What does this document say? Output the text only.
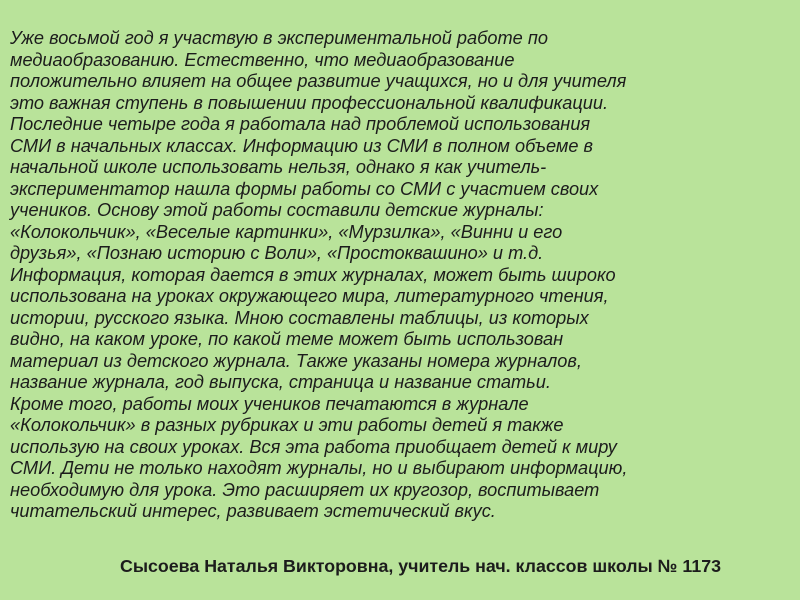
Уже восьмой год я участвую в экспериментальной работе по
медиаобразованию. Естественно, что медиаобразование
положительно влияет на общее развитие учащихся, но и для учителя
это важная ступень в повышении профессиональной квалификации.
Последние четыре года я работала над проблемой использования
СМИ в начальных классах. Информацию из СМИ в полном объеме в
начальной школе использовать нельзя, однако я как учитель-
экспериментатор нашла формы работы со СМИ с участием своих
учеников. Основу этой работы составили детские журналы:
«Колокольчик», «Веселые картинки», «Мурзилка», «Винни и его
друзья», «Познаю историю с Воли», «Простоквашино» и т.д.
Информация, которая дается в этих журналах, может быть широко
использована на уроках окружающего мира, литературного чтения,
истории, русского языка. Мною составлены таблицы, из которых
видно, на каком уроке, по какой теме может быть использован
материал из детского журнала. Также указаны номера журналов,
название журнала, год выпуска, страница и название статьи.

Кроме того, работы моих учеников печатаются в журнале
«Колокольчик» в разных рубриках и эти работы детей я также
использую на своих уроках. Вся эта работа приобщает детей к миру
СМИ. Дети не только находят журналы, но и выбирают информацию,
необходимую для урока. Это расширяет их кругозор, воспитывает
читательский интерес, развивает эстетический вкус.

Сысоева Наталья Викторовна, учитель нач. классов школы № 1173
